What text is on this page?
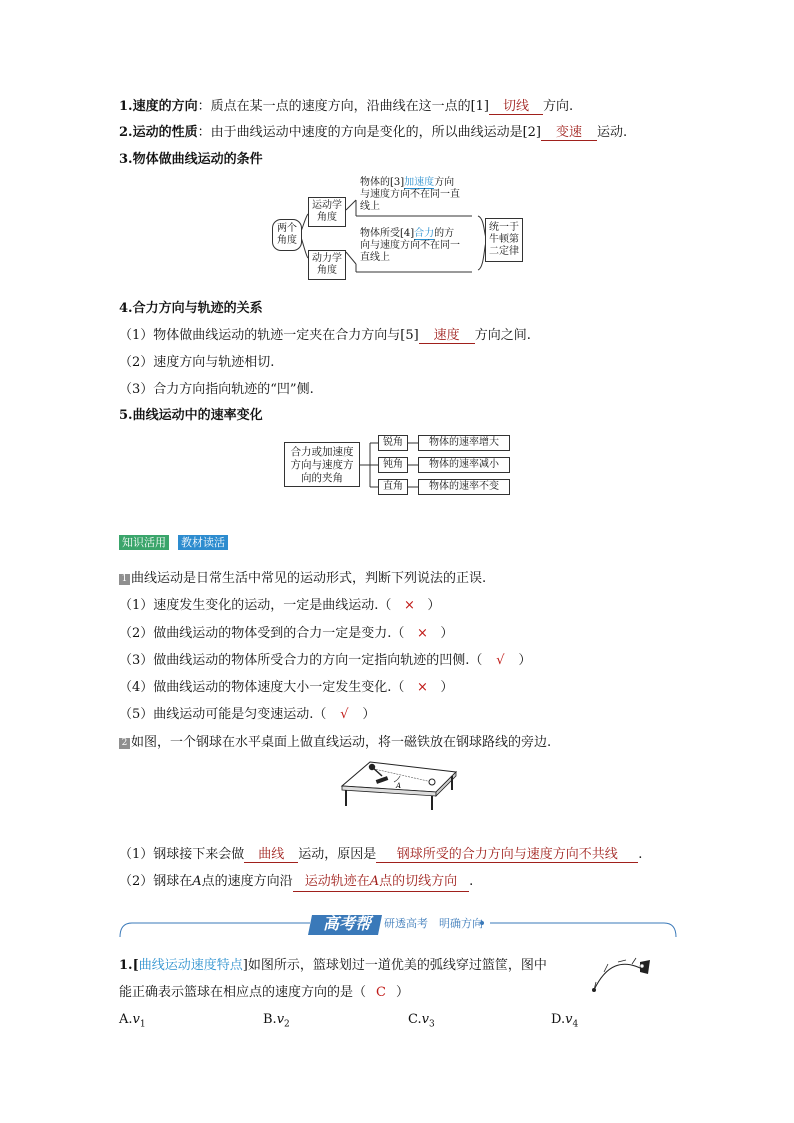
1.速度的方向：质点在某一点的速度方向，沿曲线在这一点的[1] 切线 方向.
2.运动的性质：由于曲线运动中速度的方向是变化的，所以曲线运动是[2] 变速 运动.
3.物体做曲线运动的条件
两个
角度
运动学
角度
动力学
角度
物体的[3]加速度方向
与速度方向不在同一直
线上
物体所受[4]合力的方
向与速度方向不在同一
直线上
统一于
牛顿第
二定律
4.合力方向与轨迹的关系
（1）物体做曲线运动的轨迹一定夹在合力方向与[5] 速度 方向之间.
（2）速度方向与轨迹相切.
（3）合力方向指向轨迹的“凹”侧.
5.曲线运动中的速率变化
合力或加速度
方向与速度方
向的夹角
锐角
钝角
直角
物体的速率增大
物体的速率减小
物体的速率不变
知识活用 教材读活
1 曲线运动是日常生活中常见的运动形式，判断下列说法的正误.
（1）速度发生变化的运动，一定是曲线运动.（ × ）
（2）做曲线运动的物体受到的合力一定是变力.（ × ）
（3）做曲线运动的物体所受合力的方向一定指向轨迹的凹侧.（ √ ）
（4）做曲线运动的物体速度大小一定发生变化.（ × ）
（5）曲线运动可能是匀变速运动.（ √ ）
2 如图，一个钢球在水平桌面上做直线运动，将一磁铁放在钢球路线的旁边.
A
（1）钢球接下来会做 曲线 运动，原因是 钢球所受的合力方向与速度方向不共线 .
（2）钢球在A点的速度方向沿 运动轨迹在A点的切线方向 .
高考帮	研透高考　明确方向
1.[曲线运动速度特点]如图所示，篮球划过一道优美的弧线穿过篮筐，图中
能正确表示篮球在相应点的速度方向的是（ C ）
$A.v_1$	$B.v_2$	$C.v_3$	$D.v_4$
